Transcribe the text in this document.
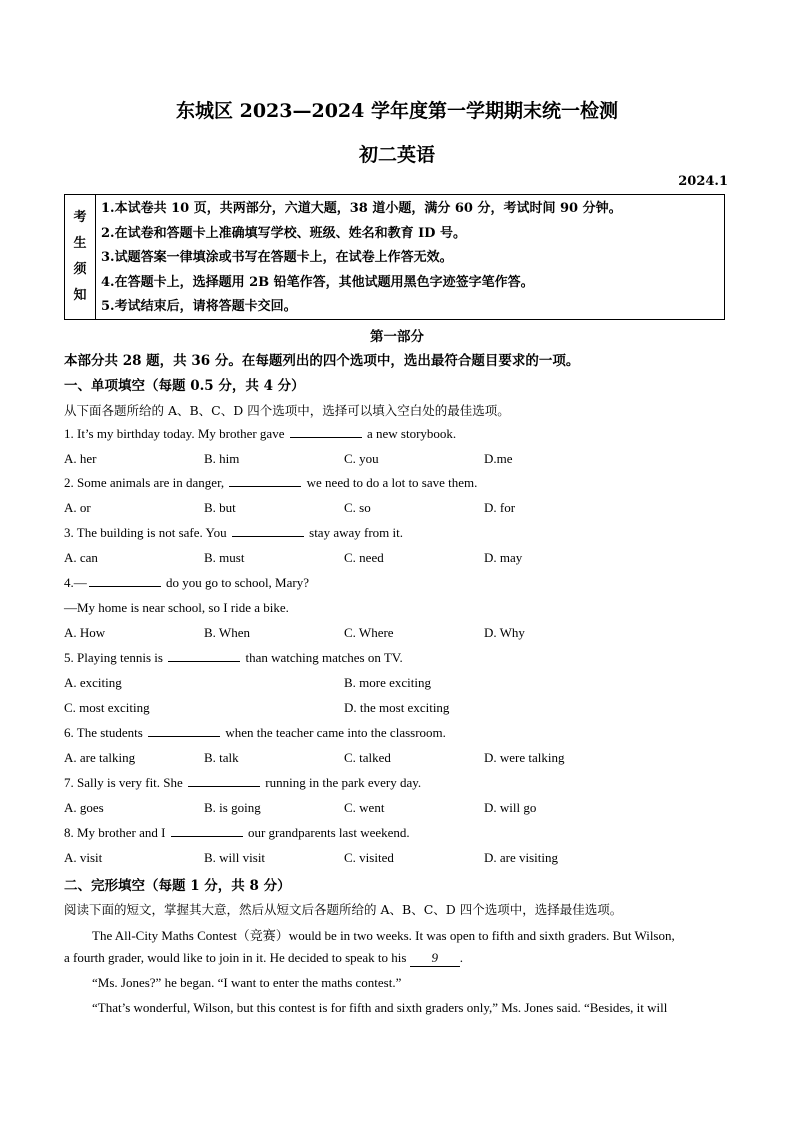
东城区 2023—2024 学年度第一学期期末统一检测
初二英语
2024.1
考
生
须
知
1.本试卷共 10 页，共两部分，六道大题，38 道小题，满分 60 分，考试时间 90 分钟。
2.在试卷和答题卡上准确填写学校、班级、姓名和教育 ID 号。
3.试题答案一律填涂或书写在答题卡上，在试卷上作答无效。
4.在答题卡上，选择题用 2B 铅笔作答，其他试题用黑色字迹签字笔作答。
5.考试结束后，请将答题卡交回。
第一部分
本部分共 28 题，共 36 分。在每题列出的四个选项中，选出最符合题目要求的一项。
一、单项填空（每题 0.5 分，共 4 分）
从下面各题所给的 A、B、C、D 四个选项中，选择可以填入空白处的最佳选项。
1. It’s my birthday today. My brother gave	a new storybook.
A. her	B. him	C. you	D.me
2. Some animals are in danger,	we need to do a lot to save them.
A. or	B. but	C. so	D. for
3. The building is not safe. You	stay away from it.
A. can	B. must	C. need	D. may
4.—	do you go to school, Mary?
—My home is near school, so I ride a bike.
A. How	B. When	C. Where	D. Why
5. Playing tennis is	than watching matches on TV.
A. exciting	B. more exciting
C. most exciting	D. the most exciting
6. The students	when the teacher came into the classroom.
A. are talking	B. talk	C. talked	D. were talking
7. Sally is very fit. She	running in the park every day.
A. goes	B. is going	C. went	D. will go
8. My brother and I	our grandparents last weekend.
A. visit	B. will visit	C. visited	D. are visiting
二、完形填空（每题 1 分，共 8 分）
阅读下面的短文，掌握其大意，然后从短文后各题所给的 A、B、C、D 四个选项中，选择最佳选项。
The All-City Maths Contest（竞赛）would be in two weeks. It was open to fifth and sixth graders. But Wilson,
a fourth grader, would like to join in it. He decided to speak to his 9 .
“Ms. Jones?” he began. “I want to enter the maths contest.”
“That’s wonderful, Wilson, but this contest is for fifth and sixth graders only,” Ms. Jones said. “Besides, it will
